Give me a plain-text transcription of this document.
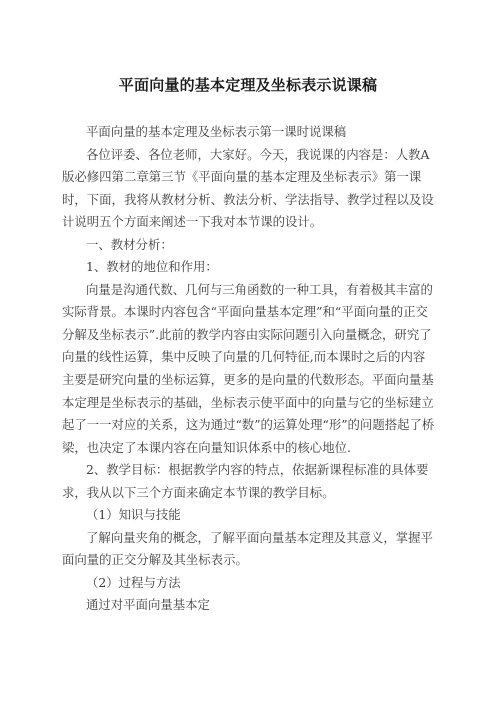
平面向量的基本定理及坐标表示说课稿

平面向量的基本定理及坐标表示第一课时说课稿

各位评委、各位老师，大家好。今天，我说课的内容是：人教A版必修四第二章第三节《平面向量的基本定理及坐标表示》第一课时，下面，我将从教材分析、教法分析、学法指导、教学过程以及设计说明五个方面来阐述一下我对本节课的设计。

一、教材分析：

1、教材的地位和作用：

向量是沟通代数、几何与三角函数的一种工具，有着极其丰富的实际背景。本课时内容包含“平面向量基本定理”和“平面向量的正交分解及坐标表示”.此前的教学内容由实际问题引入向量概念，研究了向量的线性运算，集中反映了向量的几何特征,而本课时之后的内容主要是研究向量的坐标运算，更多的是向量的代数形态。平面向量基本定理是坐标表示的基础，坐标表示使平面中的向量与它的坐标建立起了一一对应的关系，这为通过“数”的运算处理“形”的问题搭起了桥梁，也决定了本课内容在向量知识体系中的核心地位.

2、教学目标：根据教学内容的特点，依据新课程标准的具体要求，我从以下三个方面来确定本节课的教学目标。

（1）知识与技能

了解向量夹角的概念，了解平面向量基本定理及其意义，掌握平面向量的正交分解及其坐标表示。

（2）过程与方法

通过对平面向量基本定
